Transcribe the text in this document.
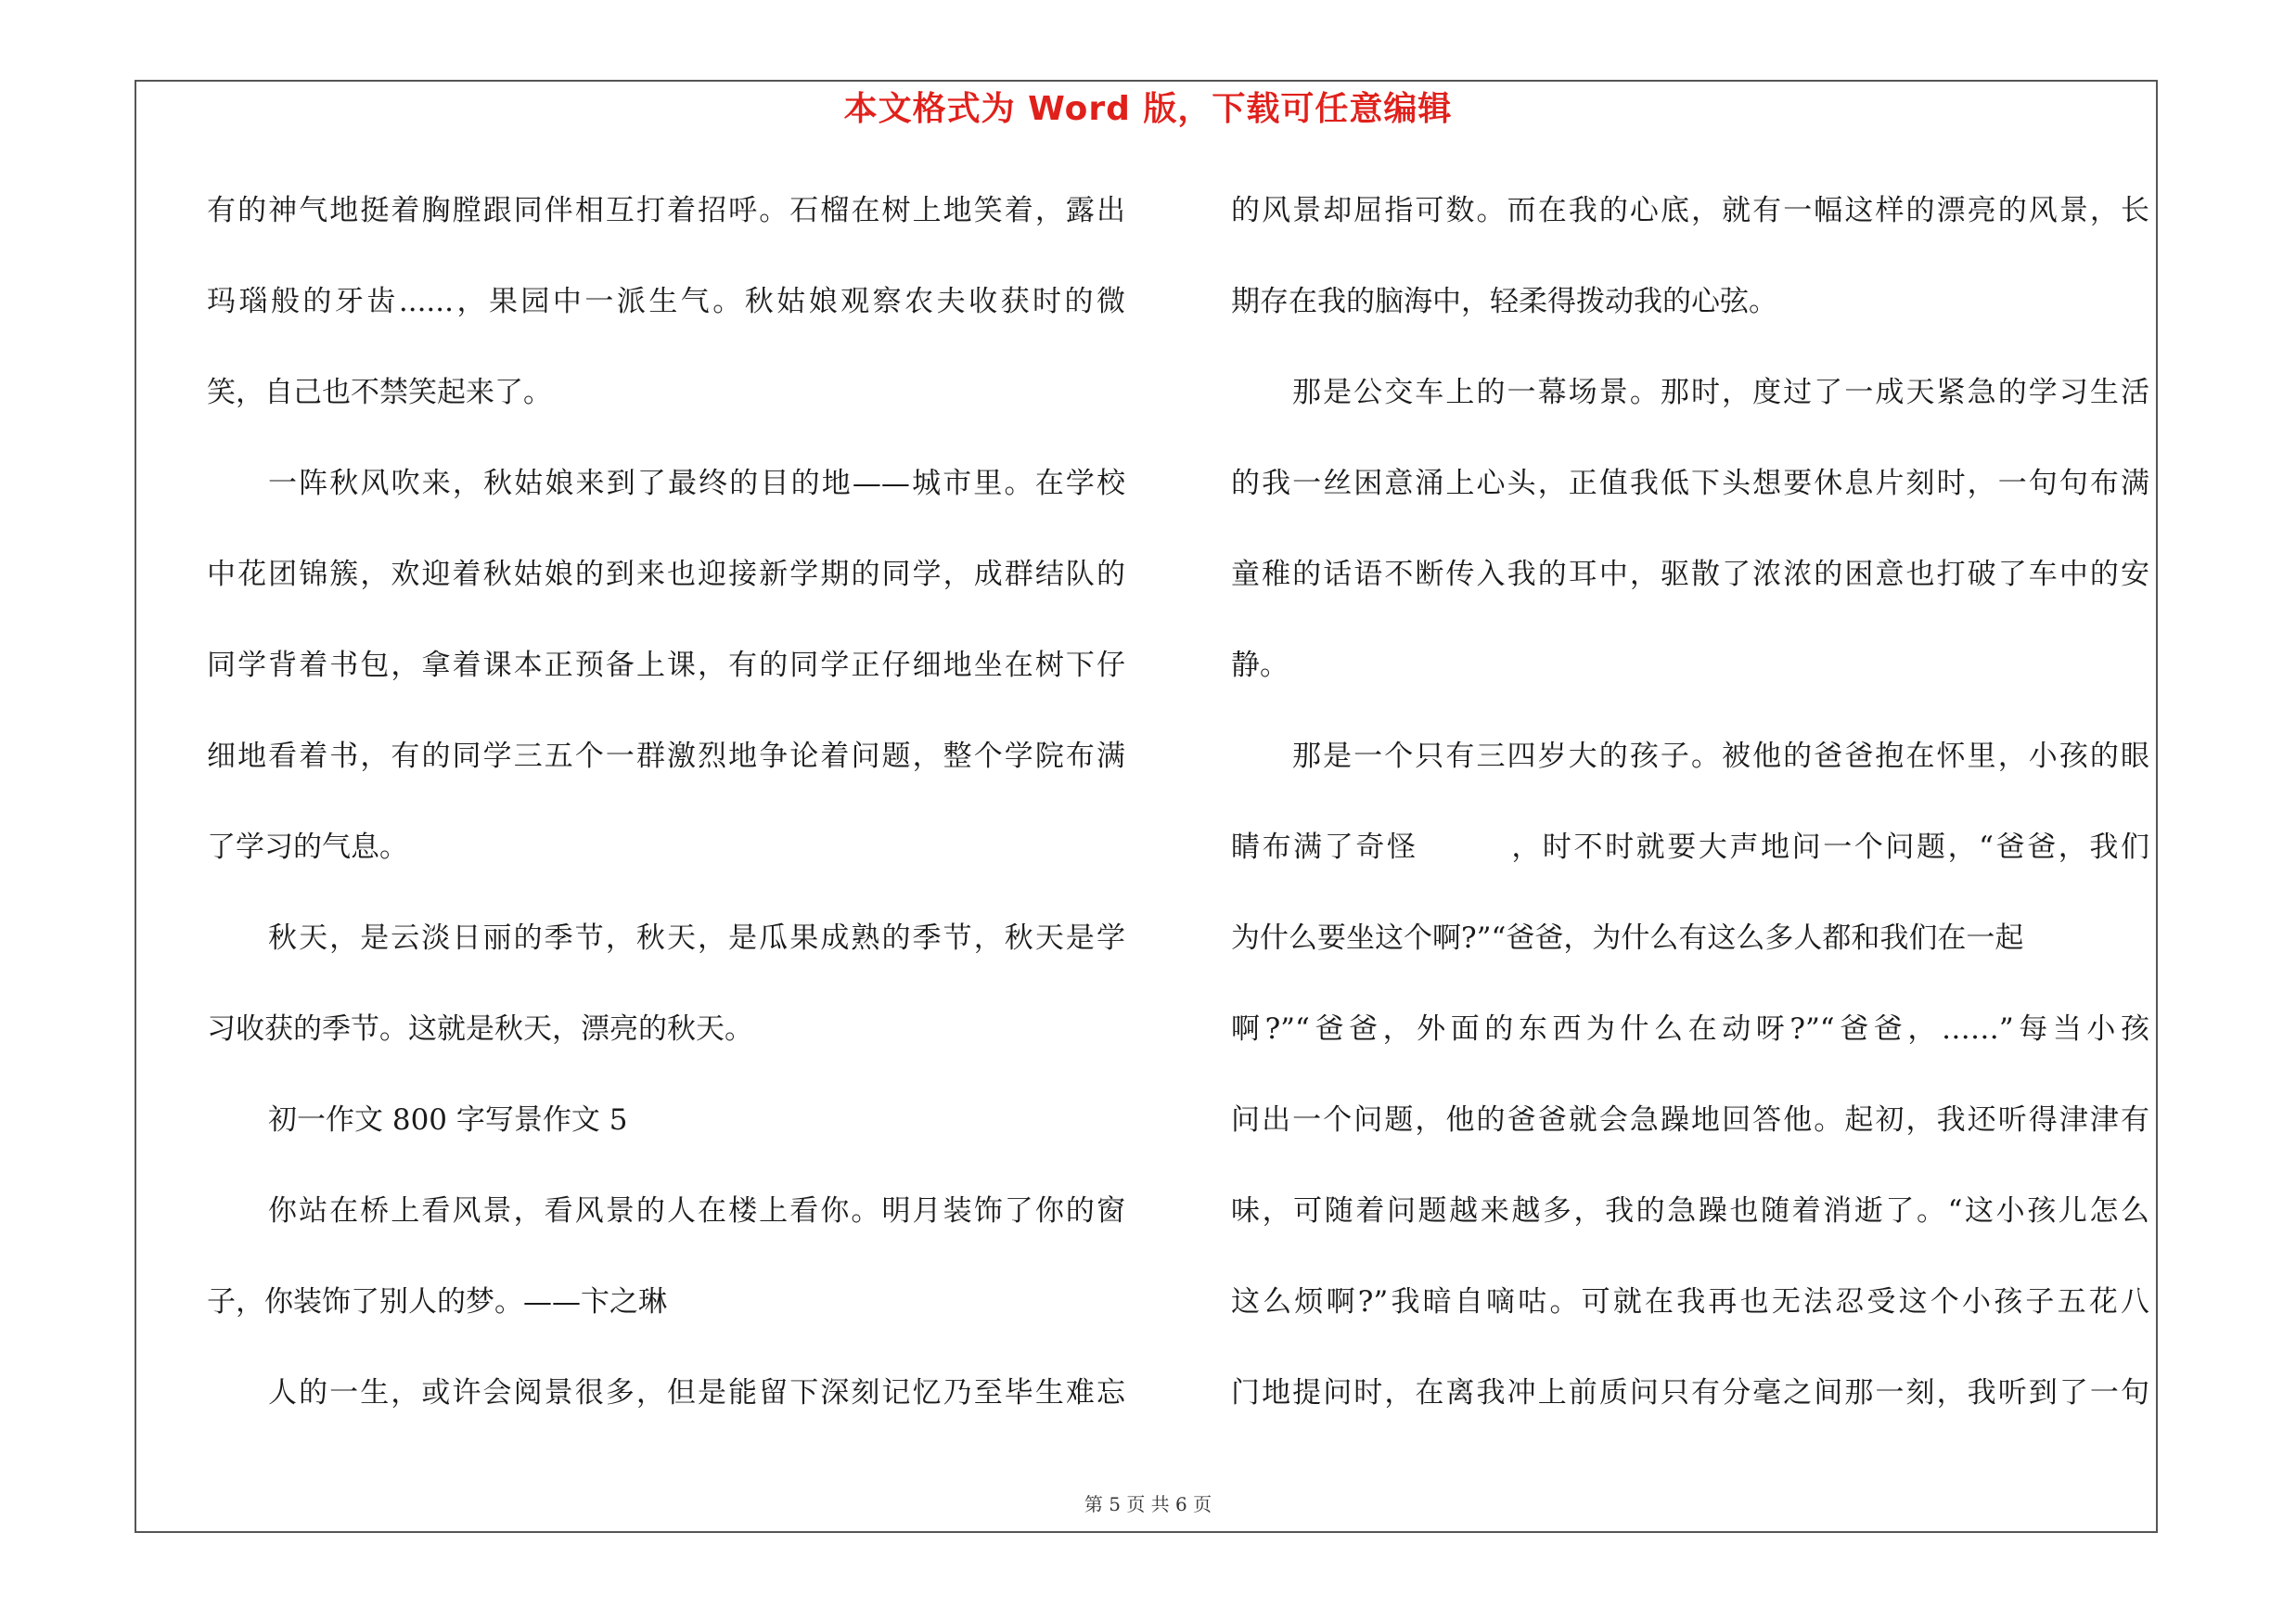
本文格式为 Word 版，下载可任意编辑
有的神气地挺着胸膛跟同伴相互打着招呼。石榴在树上地笑着，露出
玛瑙般的牙齿......，果园中一派生气。秋姑娘观察农夫收获时的微
笑，自己也不禁笑起来了。
一阵秋风吹来，秋姑娘来到了最终的目的地——城市里。在学校
中花团锦簇，欢迎着秋姑娘的到来也迎接新学期的同学，成群结队的
同学背着书包，拿着课本正预备上课，有的同学正仔细地坐在树下仔
细地看着书，有的同学三五个一群激烈地争论着问题，整个学院布满
了学习的气息。
秋天，是云淡日丽的季节，秋天，是瓜果成熟的季节，秋天是学
习收获的季节。这就是秋天，漂亮的秋天。
初一作文 800 字写景作文 5
你站在桥上看风景，看风景的人在楼上看你。明月装饰了你的窗
子，你装饰了别人的梦。——卞之琳
人的一生，或许会阅景很多，但是能留下深刻记忆乃至毕生难忘
的风景却屈指可数。而在我的心底，就有一幅这样的漂亮的风景，长
期存在我的脑海中，轻柔得拨动我的心弦。
那是公交车上的一幕场景。那时，度过了一成天紧急的学习生活
的我一丝困意涌上心头，正值我低下头想要休息片刻时，一句句布满
童稚的话语不断传入我的耳中，驱散了浓浓的困意也打破了车中的安
静。
那是一个只有三四岁大的孩子。被他的爸爸抱在怀里，小孩的眼
睛布满了奇怪　　　，时不时就要大声地问一个问题，“爸爸，我们
为什么要坐这个啊?”“爸爸，为什么有这么多人都和我们在一起
啊?”“爸爸，外面的东西为什么在动呀?”“爸爸，……”每当小孩
问出一个问题，他的爸爸就会急躁地回答他。起初，我还听得津津有
味，可随着问题越来越多，我的急躁也随着消逝了。“这小孩儿怎么
这么烦啊?”我暗自嘀咕。可就在我再也无法忍受这个小孩子五花八
门地提问时，在离我冲上前质问只有分毫之间那一刻，我听到了一句
第 5 页 共 6 页
